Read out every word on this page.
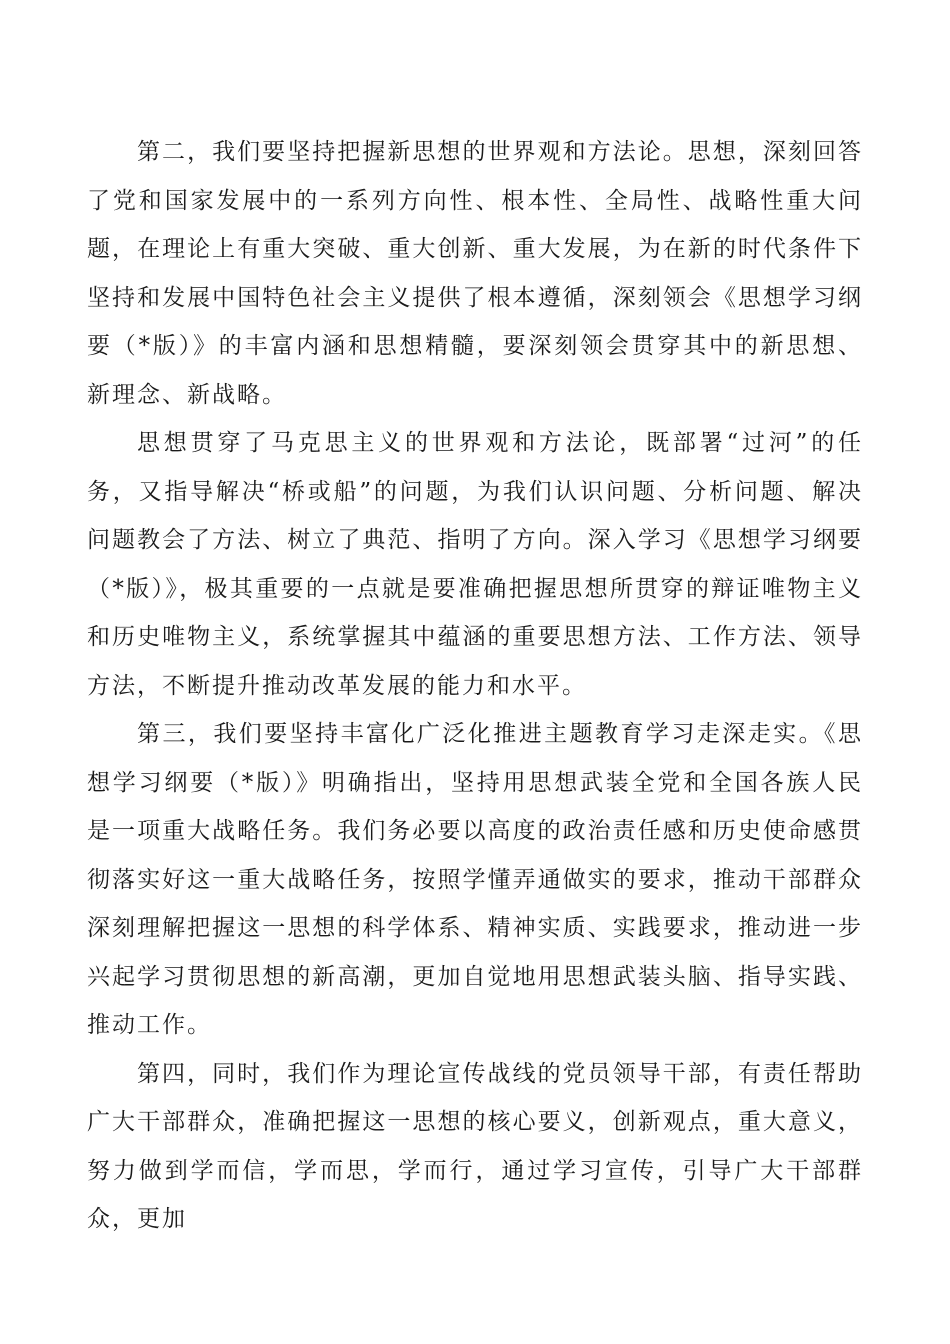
第二，我们要坚持把握新思想的世界观和方法论。思想，深刻回答了党和国家发展中的一系列方向性、根本性、全局性、战略性重大问题，在理论上有重大突破、重大创新、重大发展，为在新的时代条件下坚持和发展中国特色社会主义提供了根本遵循，深刻领会《思想学习纲要（*版）》的丰富内涵和思想精髓，要深刻领会贯穿其中的新思想、新理念、新战略。

思想贯穿了马克思主义的世界观和方法论，既部署“过河”的任务，又指导解决“桥或船”的问题，为我们认识问题、分析问题、解决问题教会了方法、树立了典范、指明了方向。深入学习《思想学习纲要（*版）》，极其重要的一点就是要准确把握思想所贯穿的辩证唯物主义和历史唯物主义，系统掌握其中蕴涵的重要思想方法、工作方法、领导方法，不断提升推动改革发展的能力和水平。

第三，我们要坚持丰富化广泛化推进主题教育学习走深走实。《思想学习纲要（*版）》明确指出，坚持用思想武装全党和全国各族人民是一项重大战略任务。我们务必要以高度的政治责任感和历史使命感贯彻落实好这一重大战略任务，按照学懂弄通做实的要求，推动干部群众深刻理解把握这一思想的科学体系、精神实质、实践要求，推动进一步兴起学习贯彻思想的新高潮，更加自觉地用思想武装头脑、指导实践、推动工作。

第四，同时，我们作为理论宣传战线的党员领导干部，有责任帮助广大干部群众，准确把握这一思想的核心要义，创新观点，重大意义，努力做到学而信，学而思，学而行，通过学习宣传，引导广大干部群众，更加
